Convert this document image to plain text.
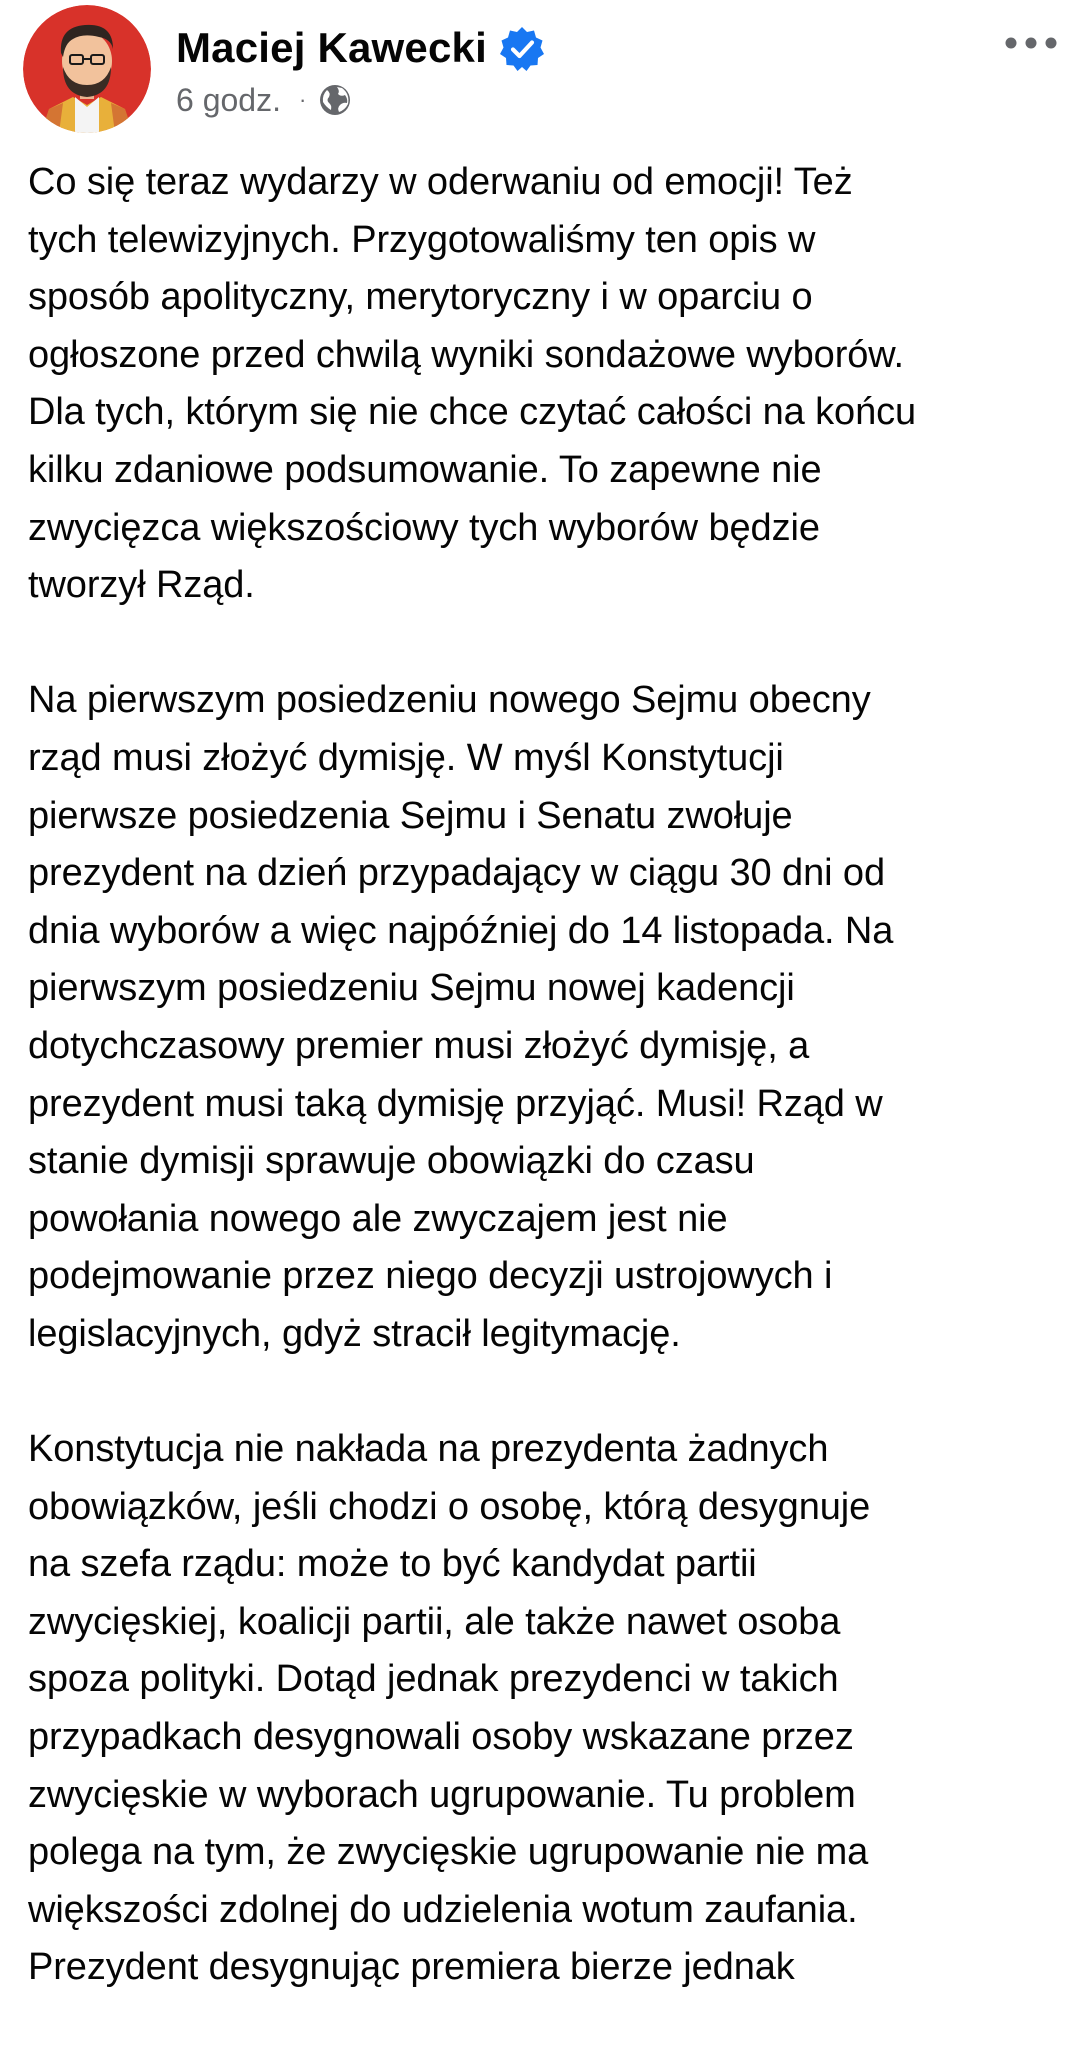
Maciej Kawecki
6 godz. ·

Co się teraz wydarzy w oderwaniu od emocji! Też
tych telewizyjnych. Przygotowaliśmy ten opis w
sposób apolityczny, merytoryczny i w oparciu o
ogłoszone przed chwilą wyniki sondażowe wyborów.
Dla tych, którym się nie chce czytać całości na końcu
kilku zdaniowe podsumowanie. To zapewne nie
zwycięzca większościowy tych wyborów będzie
tworzył Rząd.

Na pierwszym posiedzeniu nowego Sejmu obecny
rząd musi złożyć dymisję. W myśl Konstytucji
pierwsze posiedzenia Sejmu i Senatu zwołuje
prezydent na dzień przypadający w ciągu 30 dni od
dnia wyborów a więc najpóźniej do 14 listopada. Na
pierwszym posiedzeniu Sejmu nowej kadencji
dotychczasowy premier musi złożyć dymisję, a
prezydent musi taką dymisję przyjąć. Musi! Rząd w
stanie dymisji sprawuje obowiązki do czasu
powołania nowego ale zwyczajem jest nie
podejmowanie przez niego decyzji ustrojowych i
legislacyjnych, gdyż stracił legitymację.

Konstytucja nie nakłada na prezydenta żadnych
obowiązków, jeśli chodzi o osobę, którą desygnuje
na szefa rządu: może to być kandydat partii
zwycięskiej, koalicji partii, ale także nawet osoba
spoza polityki. Dotąd jednak prezydenci w takich
przypadkach desygnowali osoby wskazane przez
zwycięskie w wyborach ugrupowanie. Tu problem
polega na tym, że zwycięskie ugrupowanie nie ma
większości zdolnej do udzielenia wotum zaufania.
Prezydent desygnując premiera bierze jednak
